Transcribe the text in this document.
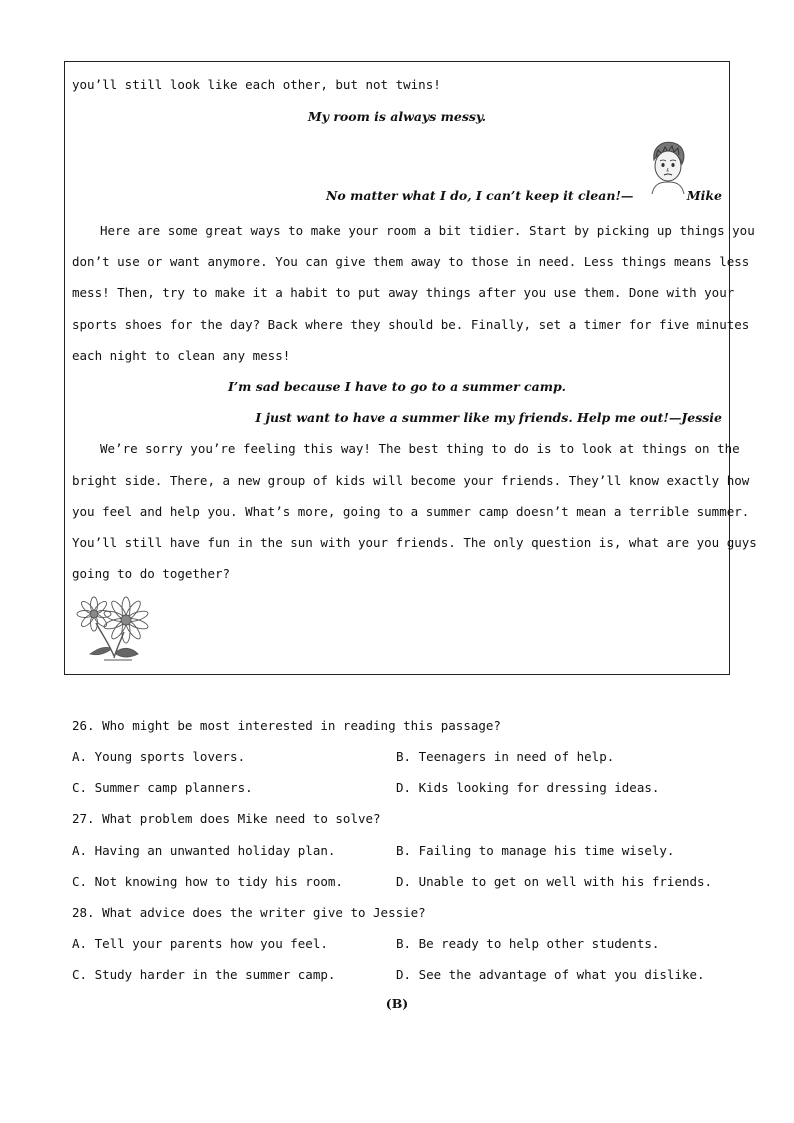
you’ll still look like each other, but not twins!
My room is always messy.
No matter what I do, I can’t keep it clean!—	Mike
Here are some great ways to make your room a bit tidier. Start by picking up things you
don’t use or want anymore. You can give them away to those in need. Less things means less
mess! Then, try to make it a habit to put away things after you use them. Done with your
sports shoes for the day? Back where they should be. Finally, set a timer for five minutes
each night to clean any mess!
I’m sad because I have to go to a summer camp.
I just want to have a summer like my friends. Help me out!—Jessie
We’re sorry you’re feeling this way! The best thing to do is to look at things on the
bright side. There, a new group of kids will become your friends. They’ll know exactly how
you feel and help you. What’s more, going to a summer camp doesn’t mean a terrible summer.
You’ll still have fun in the sun with your friends. The only question is, what are you guys
going to do together?
26. Who might be most interested in reading this passage?
A. Young sports lovers.	B. Teenagers in need of help.
C. Summer camp planners.	D. Kids looking for dressing ideas.
27. What problem does Mike need to solve?
A. Having an unwanted holiday plan.	B. Failing to manage his time wisely.
C. Not knowing how to tidy his room.	D. Unable to get on well with his friends.
28. What advice does the writer give to Jessie?
A. Tell your parents how you feel.	B. Be ready to help other students.
C. Study harder in the summer camp.	D. See the advantage of what you dislike.
(B)
